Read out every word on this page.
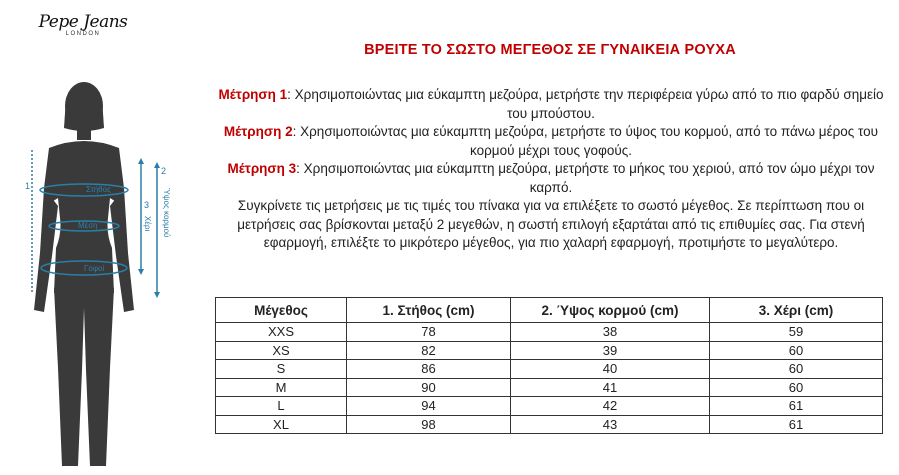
Pepe Jeans
LONDON
Στήθος
Μέση
Γοφοί
1
2
3 Ύψος κορμού
Χέρι
ΒΡΕΙΤΕ ΤΟ ΣΩΣΤΟ ΜΕΓΕΘΟΣ ΣΕ ΓΥΝΑΙΚΕΙΑ ΡΟΥΧΑ
Μέτρηση 1: Χρησιμοποιώντας μια εύκαμπτη μεζούρα, μετρήστε την περιφέρεια γύρω από το πιο φαρδύ σημείο του μπούστου.
Μέτρηση 2: Χρησιμοποιώντας μια εύκαμπτη μεζούρα, μετρήστε το ύψος του κορμού, από το πάνω μέρος του κορμού μέχρι τους γοφούς.
Μέτρηση 3: Χρησιμοποιώντας μια εύκαμπτη μεζούρα, μετρήστε το μήκος του χεριού, από τον ώμο μέχρι τον καρπό.
Συγκρίνετε τις μετρήσεις με τις τιμές του πίνακα για να επιλέξετε το σωστό μέγεθος. Σε περίπτωση που οι μετρήσεις σας βρίσκονται μεταξύ 2 μεγεθών, η σωστή επιλογή εξαρτάται από τις επιθυμίες σας. Για στενή εφαρμογή, επιλέξτε το μικρότερο μέγεθος, για πιο χαλαρή εφαρμογή, προτιμήστε το μεγαλύτερο.
Μέγεθος	1. Στήθος (cm)	2. Ύψος κορμού (cm)	3. Χέρι (cm)
XXS	78	38	59
XS	82	39	60
S	86	40	60
M	90	41	60
L	94	42	61
XL	98	43	61
